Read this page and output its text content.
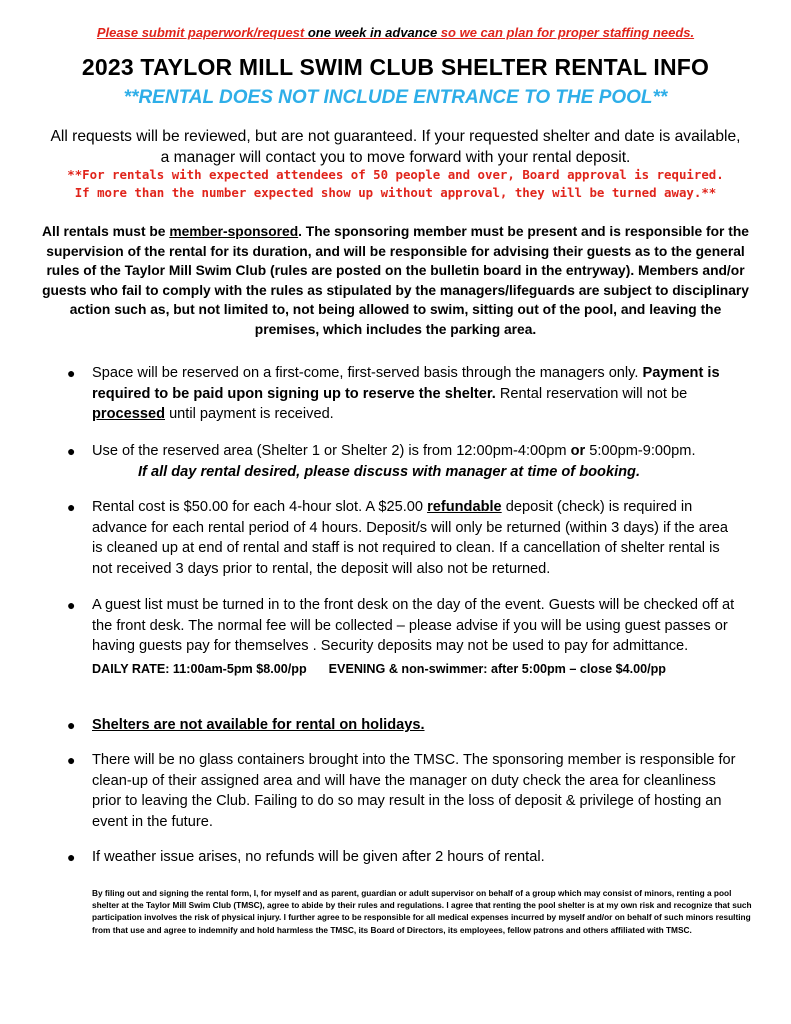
Please submit paperwork/request one week in advance so we can plan for proper staffing needs.
2023 TAYLOR MILL SWIM CLUB SHELTER RENTAL INFO
**RENTAL DOES NOT INCLUDE ENTRANCE TO THE POOL**
All requests will be reviewed, but are not guaranteed. If your requested shelter and date is available, a manager will contact you to move forward with your rental deposit.
**For rentals with expected attendees of 50 people and over, Board approval is required.
If more than the number expected show up without approval, they will be turned away.**
All rentals must be member-sponsored. The sponsoring member must be present and is responsible for the supervision of the rental for its duration, and will be responsible for advising their guests as to the general rules of the Taylor Mill Swim Club (rules are posted on the bulletin board in the entryway). Members and/or guests who fail to comply with the rules as stipulated by the managers/lifeguards are subject to disciplinary action such as, but not limited to, not being allowed to swim, sitting out of the pool, and leaving the premises, which includes the parking area.
● Space will be reserved on a first-come, first-served basis through the managers only. Payment is required to be paid upon signing up to reserve the shelter. Rental reservation will not be processed until payment is received.
● Use of the reserved area (Shelter 1 or Shelter 2) is from 12:00pm-4:00pm or 5:00pm-9:00pm.
If all day rental desired, please discuss with manager at time of booking.
● Rental cost is $50.00 for each 4-hour slot. A $25.00 refundable deposit (check) is required in advance for each rental period of 4 hours. Deposit/s will only be returned (within 3 days) if the area is cleaned up at end of rental and staff is not required to clean. If a cancellation of shelter rental is not received 3 days prior to rental, the deposit will also not be returned.
● A guest list must be turned in to the front desk on the day of the event. Guests will be checked off at the front desk. The normal fee will be collected – please advise if you will be using guest passes or having guests pay for themselves . Security deposits may not be used to pay for admittance.
DAILY RATE: 11:00am-5pm $8.00/pp EVENING & non-swimmer: after 5:00pm – close $4.00/pp
● Shelters are not available for rental on holidays.
● There will be no glass containers brought into the TMSC. The sponsoring member is responsible for clean-up of their assigned area and will have the manager on duty check the area for cleanliness prior to leaving the Club. Failing to do so may result in the loss of deposit & privilege of hosting an event in the future.
● If weather issue arises, no refunds will be given after 2 hours of rental.
By filing out and signing the rental form, I, for myself and as parent, guardian or adult supervisor on behalf of a group which may consist of minors, renting a pool shelter at the Taylor Mill Swim Club (TMSC), agree to abide by their rules and regulations. I agree that renting the pool shelter is at my own risk and recognize that such participation involves the risk of physical injury. I further agree to be responsible for all medical expenses incurred by myself and/or on behalf of such minors resulting from that use and agree to indemnify and hold harmless the TMSC, its Board of Directors, its employees, fellow patrons and others affiliated with TMSC.
